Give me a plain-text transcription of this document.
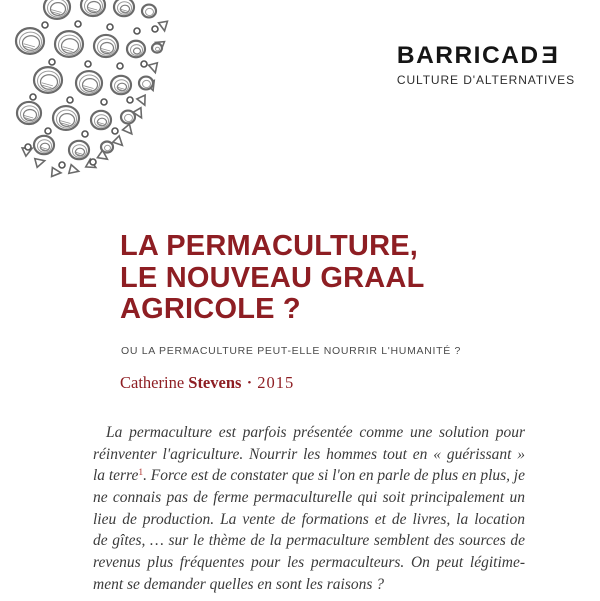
BARRICADE
CULTURE D'ALTERNATIVES
LA PERMACULTURE,
LE NOUVEAU GRAAL
AGRICOLE ?
OU LA PERMACULTURE PEUT-ELLE NOURRIR L'HUMANITÉ ?
Catherine Stevens • 2015
La permaculture est parfois présentée comme une solution pour
réinventer l'agriculture. Nourrir les hommes tout en « guérissant »
la terre$^1$. Force est de constater que si l'on en parle de plus en plus, je
ne connais pas de ferme permaculturelle qui soit principalement un
lieu de production. La vente de formations et de livres, la location
de gîtes, … sur le thème de la permaculture semblent des sources de
revenus plus fréquentes pour les permaculteurs. On peut légitime-
ment se demander quelles en sont les raisons ?
